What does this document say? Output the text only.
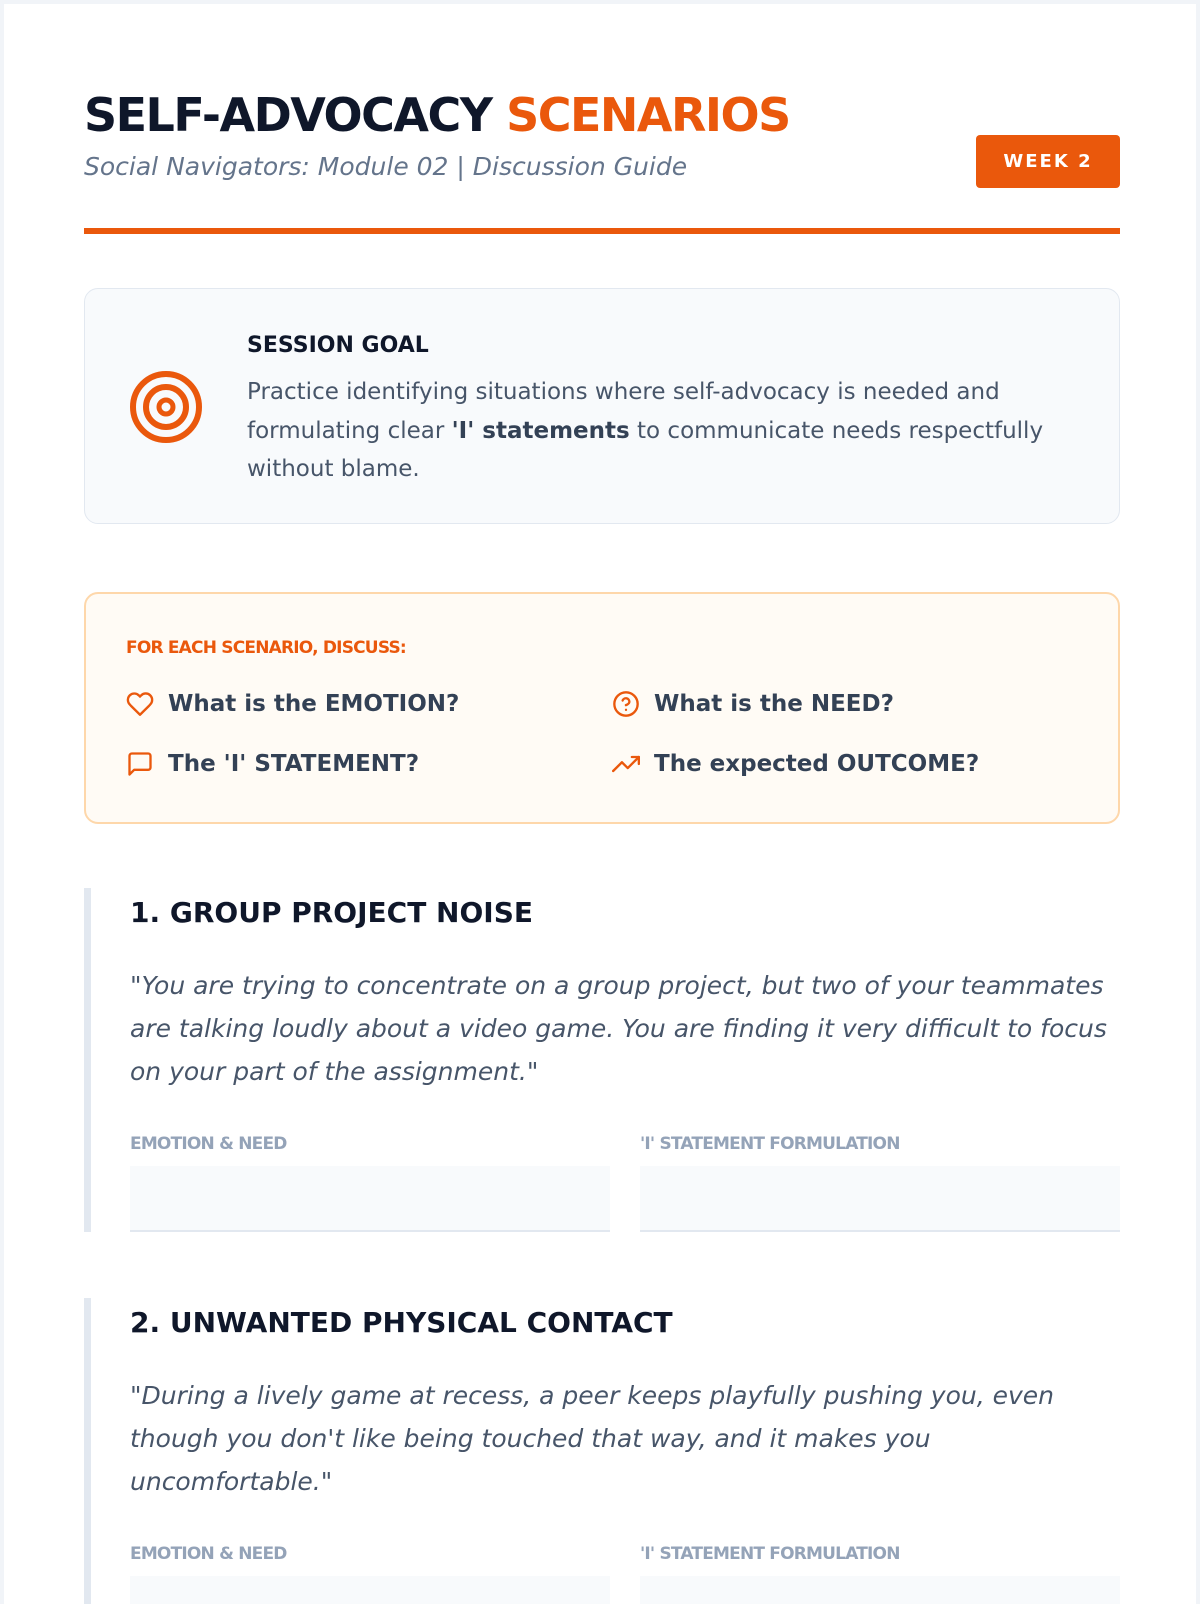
SELF-ADVOCACY SCENARIOS
Social Navigators: Module 02 | Discussion Guide	WEEK 2
SESSION GOAL
Practice identifying situations where self-advocacy is needed and formulating clear 'I' statements to communicate needs respectfully without blame.
FOR EACH SCENARIO, DISCUSS:
What is the EMOTION?	What is the NEED?
The 'I' STATEMENT?	The expected OUTCOME?
1. GROUP PROJECT NOISE
"You are trying to concentrate on a group project, but two of your teammates are talking loudly about a video game. You are finding it very difficult to focus on your part of the assignment."
EMOTION & NEED	'I' STATEMENT FORMULATION
2. UNWANTED PHYSICAL CONTACT
"During a lively game at recess, a peer keeps playfully pushing you, even though you don't like being touched that way, and it makes you uncomfortable."
EMOTION & NEED	'I' STATEMENT FORMULATION
